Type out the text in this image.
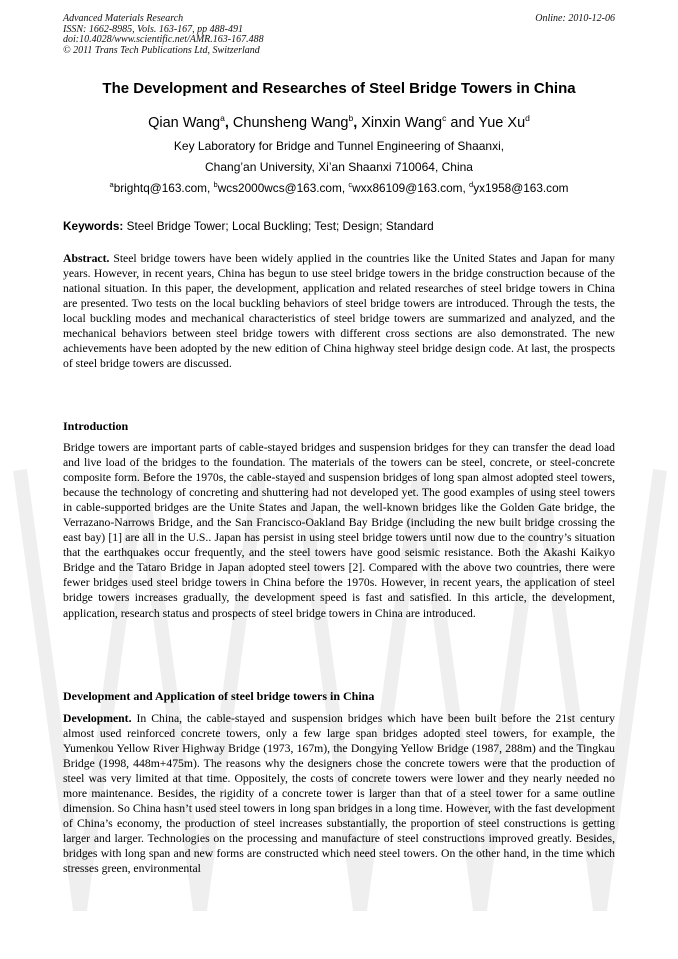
Advanced Materials Research
ISSN: 1662-8985, Vols. 163-167, pp 488-491
doi:10.4028/www.scientific.net/AMR.163-167.488
© 2011 Trans Tech Publications Ltd, Switzerland
Online: 2010-12-06
The Development and Researches of Steel Bridge Towers in China
Qian Wang$^a$, Chunsheng Wang$^b$, Xinxin Wang$^c$ and Yue Xu$^d$
Key Laboratory for Bridge and Tunnel Engineering of Shaanxi,
Chang’an University, Xi’an Shaanxi 710064, China
$^a$brightq@163.com, $^b$wcs2000wcs@163.com, $^c$wxx86109@163.com, $^d$yx1958@163.com
Keywords: Steel Bridge Tower; Local Buckling; Test; Design; Standard
Abstract. Steel bridge towers have been widely applied in the countries like the United States and Japan for many years. However, in recent years, China has begun to use steel bridge towers in the bridge construction because of the national situation. In this paper, the development, application and related researches of steel bridge towers in China are presented. Two tests on the local buckling behaviors of steel bridge towers are introduced. Through the tests, the local buckling modes and mechanical characteristics of steel bridge towers are summarized and analyzed, and the mechanical behaviors between steel bridge towers with different cross sections are also demonstrated. The new achievements have been adopted by the new edition of China highway steel bridge design code. At last, the prospects of steel bridge towers are discussed.
Introduction
Bridge towers are important parts of cable-stayed bridges and suspension bridges for they can transfer the dead load and live load of the bridges to the foundation. The materials of the towers can be steel, concrete, or steel-concrete composite form. Before the 1970s, the cable-stayed and suspension bridges of long span almost adopted steel towers, because the technology of concreting and shuttering had not developed yet. The good examples of using steel towers in cable-supported bridges are the Unite States and Japan, the well-known bridges like the Golden Gate bridge, the Verrazano-Narrows Bridge, and the San Francisco-Oakland Bay Bridge (including the new built bridge crossing the east bay) [1] are all in the U.S.. Japan has persist in using steel bridge towers until now due to the country’s situation that the earthquakes occur frequently, and the steel towers have good seismic resistance. Both the Akashi Kaikyo Bridge and the Tataro Bridge in Japan adopted steel towers [2]. Compared with the above two countries, there were fewer bridges used steel bridge towers in China before the 1970s. However, in recent years, the application of steel bridge towers increases gradually, the development speed is fast and satisfied. In this article, the development, application, research status and prospects of steel bridge towers in China are introduced.
Development and Application of steel bridge towers in China
Development. In China, the cable-stayed and suspension bridges which have been built before the 21st century almost used reinforced concrete towers, only a few large span bridges adopted steel towers, for example, the Yumenkou Yellow River Highway Bridge (1973, 167m), the Dongying Yellow Bridge (1987, 288m) and the Tingkau Bridge (1998, 448m+475m). The reasons why the designers chose the concrete towers were that the production of steel was very limited at that time. Oppositely, the costs of concrete towers were lower and they nearly needed no more maintenance. Besides, the rigidity of a concrete tower is larger than that of a steel tower for a same outline dimension. So China hasn’t used steel towers in long span bridges in a long time. However, with the fast development of China’s economy, the production of steel increases substantially, the proportion of steel constructions is getting larger and larger. Technologies on the processing and manufacture of steel constructions improved greatly. Besides, bridges with long span and new forms are constructed which need steel towers. On the other hand, in the time which stresses green, environmental
